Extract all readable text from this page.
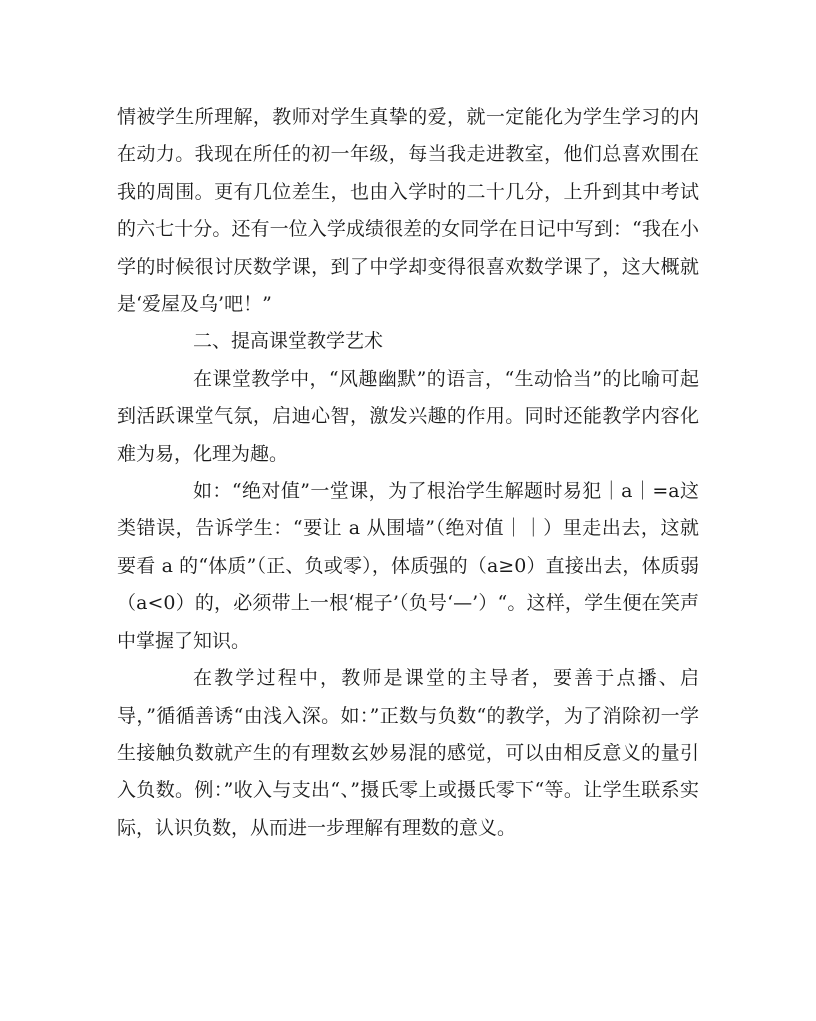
情被学生所理解，教师对学生真挚的爱，就一定能化为学生学习的内在动力。我现在所任的初一年级，每当我走进教室，他们总喜欢围在我的周围。更有几位差生，也由入学时的二十几分，上升到其中考试的六七十分。还有一位入学成绩很差的女同学在日记中写到：“我在小学的时候很讨厌数学课，到了中学却变得很喜欢数学课了，这大概就是‘爱屋及乌’吧！”

二、提高课堂教学艺术

在课堂教学中，“风趣幽默”的语言，“生动恰当”的比喻可起到活跃课堂气氛，启迪心智，激发兴趣的作用。同时还能教学内容化难为易，化理为趣。

如：“绝对值”一堂课，为了根治学生解题时易犯｜a｜=a这类错误，告诉学生：“要让 a 从围墙”（绝对值｜｜）里走出去，这就要看 a 的“体质”（正、负或零），体质强的（a≥0）直接出去，体质弱（a<0）的，必须带上一根‘棍子’（负号‘—’）“。这样，学生便在笑声中掌握了知识。

在教学过程中，教师是课堂的主导者，要善于点播、启导，”循循善诱“由浅入深。如：”正数与负数“的教学，为了消除初一学生接触负数就产生的有理数玄妙易混的感觉，可以由相反意义的量引入负数。例：”收入与支出“、”摄氏零上或摄氏零下“等。让学生联系实际，认识负数，从而进一步理解有理数的意义。
